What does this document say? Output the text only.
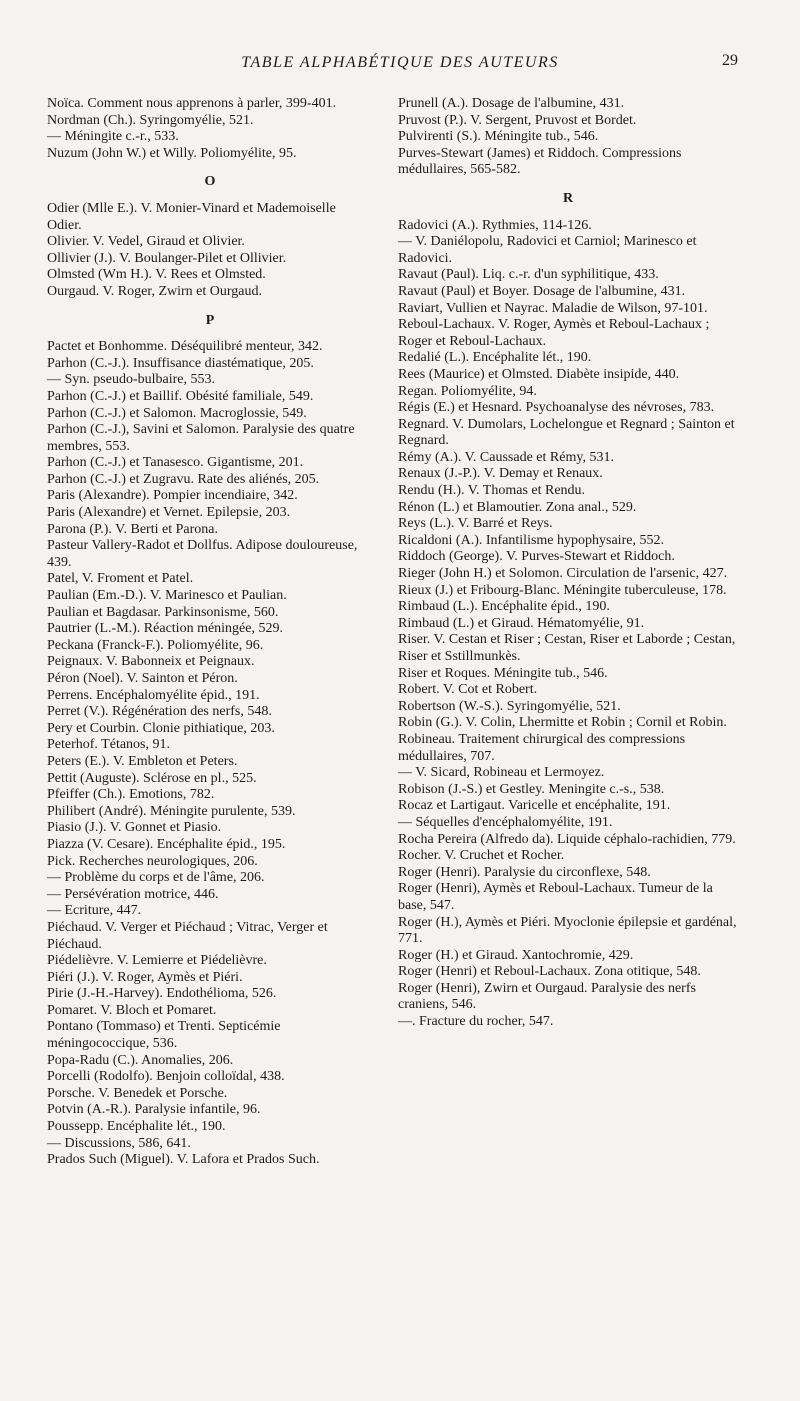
TABLE ALPHABÉTIQUE DES AUTEURS	29
Noïca. Comment nous apprenons à parler, 399-401.
Nordman (Ch.). Syringomyélie, 521.
— Méningite c.-r., 533.
Nuzum (John W.) et Willy. Poliomyélite, 95.
O
Odier (Mlle E.). V. Monier-Vinard et Mademoiselle Odier.
Olivier. V. Vedel, Giraud et Olivier.
Ollivier (J.). V. Boulanger-Pilet et Ollivier.
Olmsted (Wm H.). V. Rees et Olmsted.
Ourgaud. V. Roger, Zwirn et Ourgaud.
P
Pactet et Bonhomme. Déséquilibré menteur, 342.
Parhon (C.-J.). Insuffisance diastématique, 205.
— Syn. pseudo-bulbaire, 553.
Parhon (C.-J.) et Baillif. Obésité familiale, 549.
Parhon (C.-J.) et Salomon. Macroglossie, 549.
Parhon (C.-J.), Savini et Salomon. Paralysie des quatre membres, 553.
Parhon (C.-J.) et Tanasesco. Gigantisme, 201.
Parhon (C.-J.) et Zugravu. Rate des aliénés, 205.
Paris (Alexandre). Pompier incendiaire, 342.
Paris (Alexandre) et Vernet. Epilepsie, 203.
Parona (P.). V. Berti et Parona.
Pasteur Vallery-Radot et Dollfus. Adipose douloureuse, 439.
Patel, V. Froment et Patel.
Paulian (Em.-D.). V. Marinesco et Paulian.
Paulian et Bagdasar. Parkinsonisme, 560.
Pautrier (L.-M.). Réaction méningée, 529.
Peckana (Franck-F.). Poliomyélite, 96.
Peignaux. V. Babonneix et Peignaux.
Péron (Noel). V. Sainton et Péron.
Perrens. Encéphalomyélite épid., 191.
Perret (V.). Régénération des nerfs, 548.
Pery et Courbin. Clonie pithiatique, 203.
Peterhof. Tétanos, 91.
Peters (E.). V. Embleton et Peters.
Pettit (Auguste). Sclérose en pl., 525.
Pfeiffer (Ch.). Emotions, 782.
Philibert (André). Méningite purulente, 539.
Piasio (J.). V. Gonnet et Piasio.
Piazza (V. Cesare). Encéphalite épid., 195.
Pick. Recherches neurologiques, 206.
— Problème du corps et de l'âme, 206.
— Persévération motrice, 446.
— Ecriture, 447.
Piéchaud. V. Verger et Piéchaud ; Vitrac, Verger et Piéchaud.
Piédelièvre. V. Lemierre et Piédelièvre.
Piéri (J.). V. Roger, Aymès et Piéri.
Pirie (J.-H.-Harvey). Endothélioma, 526.
Pomaret. V. Bloch et Pomaret.
Pontano (Tommaso) et Trenti. Septicémie méningococcique, 536.
Popa-Radu (C.). Anomalies, 206.
Porcelli (Rodolfo). Benjoin colloïdal, 438.
Porsche. V. Benedek et Porsche.
Potvin (A.-R.). Paralysie infantile, 96.
Poussepp. Encéphalite lét., 190.
— Discussions, 586, 641.
Prados Such (Miguel). V. Lafora et Prados Such.
Prunell (A.). Dosage de l'albumine, 431.
Pruvost (P.). V. Sergent, Pruvost et Bordet.
Pulvirenti (S.). Méningite tub., 546.
Purves-Stewart (James) et Riddoch. Compressions médullaires, 565-582.
R
Radovici (A.). Rythmies, 114-126.
— V. Daniélopolu, Radovici et Carniol; Marinesco et Radovici.
Ravaut (Paul). Liq. c.-r. d'un syphilitique, 433.
Ravaut (Paul) et Boyer. Dosage de l'albumine, 431.
Raviart, Vullien et Nayrac. Maladie de Wilson, 97-101.
Reboul-Lachaux. V. Roger, Aymès et Reboul-Lachaux ; Roger et Reboul-Lachaux.
Redalié (L.). Encéphalite lét., 190.
Rees (Maurice) et Olmsted. Diabète insipide, 440.
Regan. Poliomyélite, 94.
Régis (E.) et Hesnard. Psychoanalyse des névroses, 783.
Regnard. V. Dumolars, Lochelongue et Regnard ; Sainton et Regnard.
Rémy (A.). V. Caussade et Rémy, 531.
Renaux (J.-P.). V. Demay et Renaux.
Rendu (H.). V. Thomas et Rendu.
Rénon (L.) et Blamoutier. Zona anal., 529.
Reys (L.). V. Barré et Reys.
Ricaldoni (A.). Infantilisme hypophysaire, 552.
Riddoch (George). V. Purves-Stewart et Riddoch.
Rieger (John H.) et Solomon. Circulation de l'arsenic, 427.
Rieux (J.) et Fribourg-Blanc. Méningite tuberculeuse, 178.
Rimbaud (L.). Encéphalite épid., 190.
Rimbaud (L.) et Giraud. Hématomyélie, 91.
Riser. V. Cestan et Riser ; Cestan, Riser et Laborde ; Cestan, Riser et Sstillmunkès.
Riser et Roques. Méningite tub., 546.
Robert. V. Cot et Robert.
Robertson (W.-S.). Syringomyélie, 521.
Robin (G.). V. Colin, Lhermitte et Robin ; Cornil et Robin.
Robineau. Traitement chirurgical des compressions médullaires, 707.
— V. Sicard, Robineau et Lermoyez.
Robison (J.-S.) et Gestley. Meningite c.-s., 538.
Rocaz et Lartigaut. Varicelle et encéphalite, 191.
— Séquelles d'encéphalomyélite, 191.
Rocha Pereira (Alfredo da). Liquide céphalo-rachidien, 779.
Rocher. V. Cruchet et Rocher.
Roger (Henri). Paralysie du circonflexe, 548.
Roger (Henri), Aymès et Reboul-Lachaux. Tumeur de la base, 547.
Roger (H.), Aymès et Piéri. Myoclonie épilepsie et gardénal, 771.
Roger (H.) et Giraud. Xantochromie, 429.
Roger (Henri) et Reboul-Lachaux. Zona otitique, 548.
Roger (Henri), Zwirn et Ourgaud. Paralysie des nerfs craniens, 546.
—. Fracture du rocher, 547.
